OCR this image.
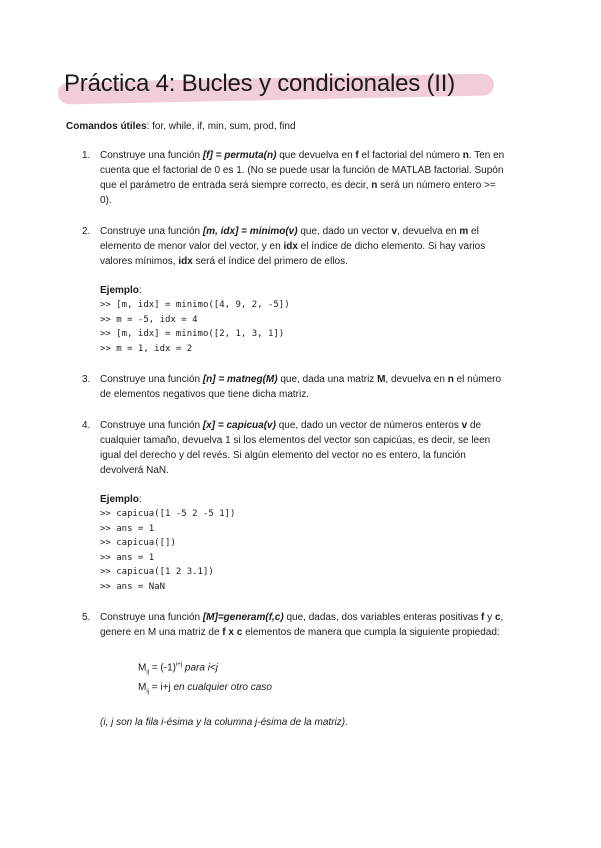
Práctica 4: Bucles y condicionales (II)
Comandos útiles: for, while, if, min, sum, prod, find
1. Construye una función [f] = permuta(n) que devuelva en f el factorial del número n. Ten en cuenta que el factorial de 0 es 1. (No se puede usar la función de MATLAB factorial. Supón que el parámetro de entrada será siempre correcto, es decir, n será un número entero >= 0).
2. Construye una función [m, idx] = minimo(v) que, dado un vector v, devuelva en m el elemento de menor valor del vector, y en idx el índice de dicho elemento. Si hay varios valores mínimos, idx será el índice del primero de ellos.
Ejemplo:
>> [m, idx] = minimo([4, 9, 2, -5])
>> m = -5, idx = 4
>> [m, idx] = minimo([2, 1, 3, 1])
>> m = 1, idx = 2
3. Construye una función [n] = matneg(M) que, dada una matriz M, devuelva en n el número de elementos negativos que tiene dicha matriz.
4. Construye una función [x] = capicua(v) que, dado un vector de números enteros v de cualquier tamaño, devuelva 1 si los elementos del vector son capicúas, es decir, se leen igual del derecho y del revés. Si algún elemento del vector no es entero, la función devolverá NaN.
Ejemplo:
>> capicua([1 -5 2 -5 1])
>> ans = 1
>> capicua([])
>> ans = 1
>> capicua([1 2 3.1])
>> ans = NaN
5. Construye una función [M]=generam(f,c) que, dadas, dos variables enteras positivas f y c, genere en M una matriz de f x c elementos de manera que cumpla la siguiente propiedad:
$M_{ij} = (-1)^{i+j}$ para i<j
$M_{ij} = i+j$ en cualquier otro caso
(i, j son la fila i-ésima y la columna j-ésima de la matriz).
